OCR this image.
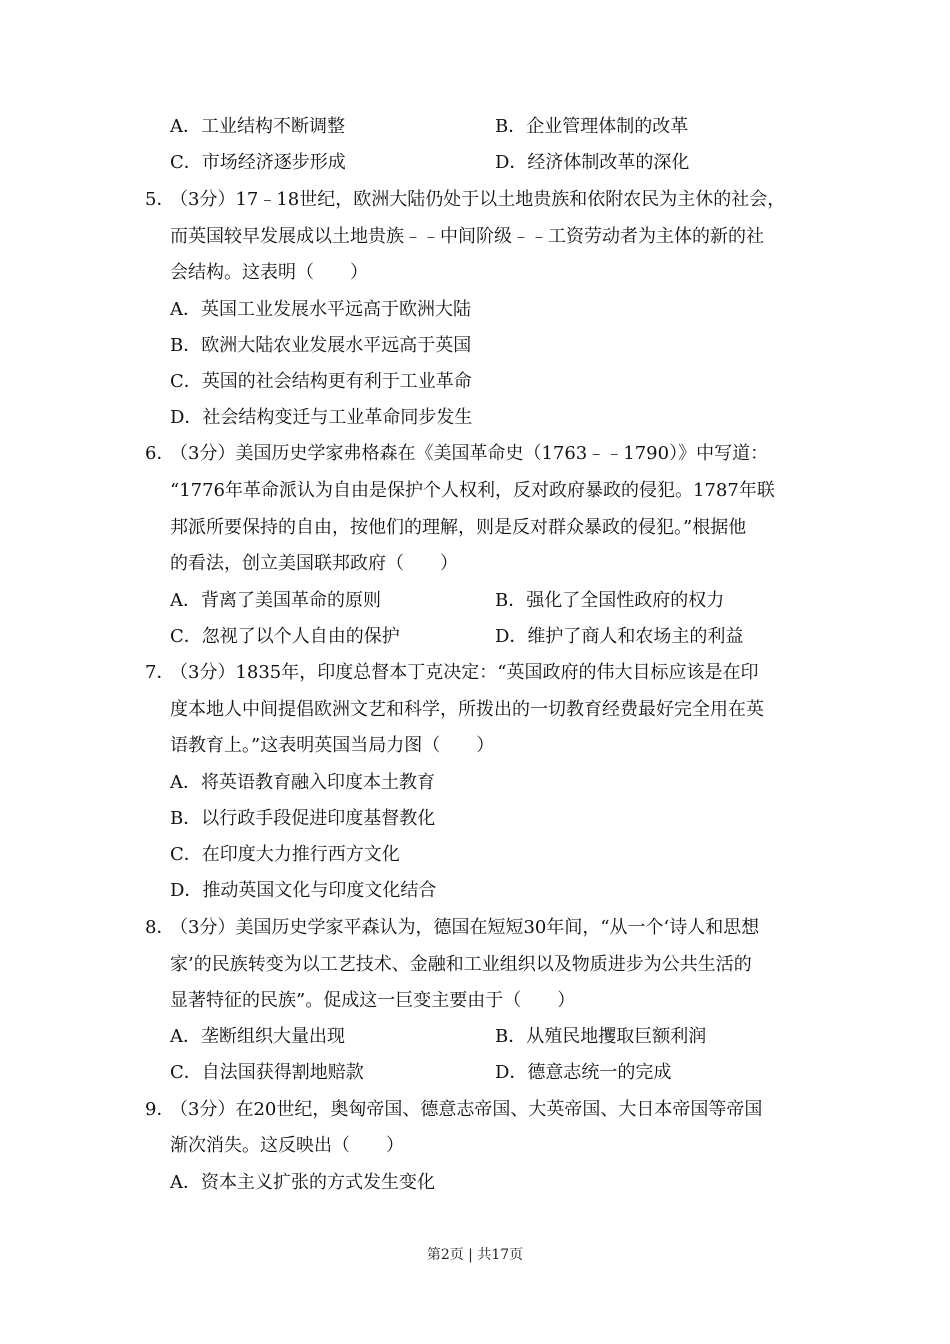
A．工业结构不断调整	B．企业管理体制的改革
C．市场经济逐步形成	D．经济体制改革的深化
5．
（3分）17﹣18世纪，欧洲大陆仍处于以土地贵族和依附农民为主休的社会，
而英国较早发展成以土地贵族﹣﹣中间阶级﹣﹣工资劳动者为主体的新的社
会结构。这表明（　　）
A．英国工业发展水平远高于欧洲大陆
B．欧洲大陆农业发展水平远高于英国
C．英国的社会结构更有利于工业革命
D．社会结构变迁与工业革命同步发生
6．
（3分）美国历史学家弗格森在《美国革命史（1763﹣﹣1790）》中写道：
“1776年革命派认为自由是保护个人权利，反对政府暴政的侵犯。1787年联
邦派所要保持的自由，按他们的理解，则是反对群众暴政的侵犯。”根据他
的看法，创立美国联邦政府（　　）
A．背离了美国革命的原则	B．强化了全国性政府的权力
C．忽视了以个人自由的保护	D．维护了商人和农场主的利益
7．
（3分）1835年，印度总督本丁克决定：“英国政府的伟大目标应该是在印
度本地人中间提倡欧洲文艺和科学，所拨出的一切教育经费最好完全用在英
语教育上。”这表明英国当局力图（　　）
A．将英语教育融入印度本土教育
B．以行政手段促进印度基督教化
C．在印度大力推行西方文化
D．推动英国文化与印度文化结合
8．
（3分）美国历史学家平森认为，德国在短短30年间，“从一个‘诗人和思想
家’的民族转变为以工艺技术、金融和工业组织以及物质进步为公共生活的
显著特征的民族”。促成这一巨变主要由于（　　）
A．垄断组织大量出现	B．从殖民地攫取巨额利润
C．自法国获得割地赔款	D．德意志统一的完成
9．
（3分）在20世纪，奥匈帝国、德意志帝国、大英帝国、大日本帝国等帝国
渐次消失。这反映出（　　）
A．资本主义扩张的方式发生变化
第2页 | 共17页
